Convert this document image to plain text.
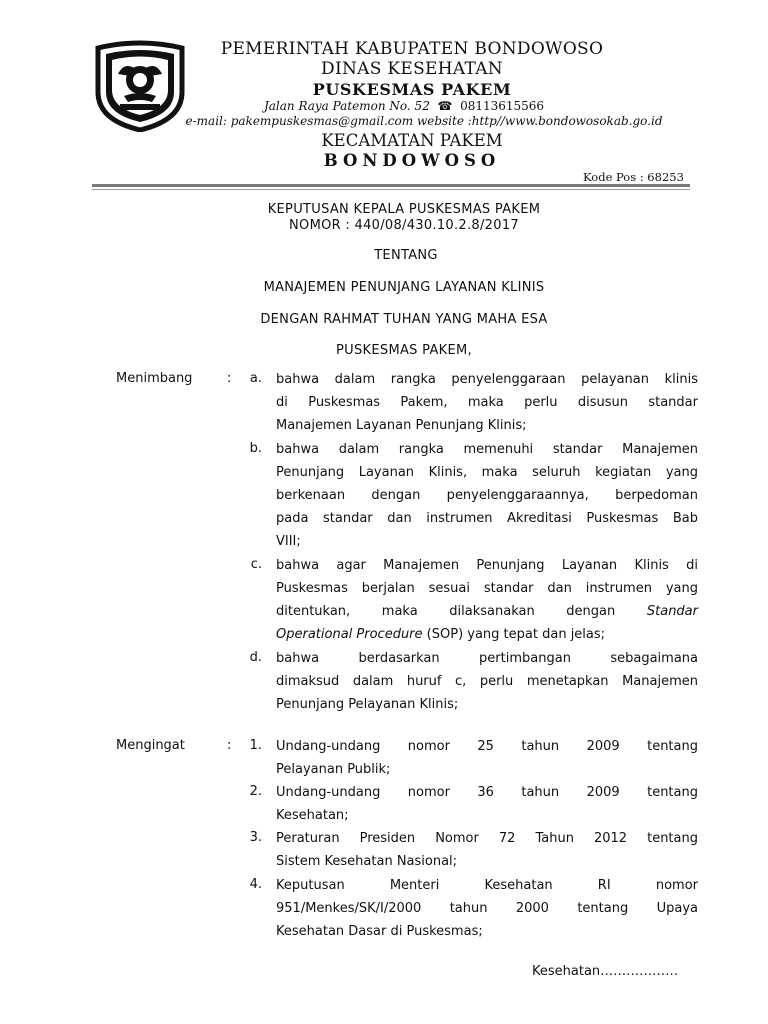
PEMERINTAH KABUPATEN BONDOWOSO
DINAS KESEHATAN
PUSKESMAS PAKEM
Jalan Raya Patemon No. 52 ☎ 08113615566
e-mail: pakempuskesmas@gmail.com website :http//www.bondowosokab.go.id
KECAMATAN PAKEM
BONDOWOSO
Kode Pos : 68253
KEPUTUSAN KEPALA PUSKESMAS PAKEM
NOMOR : 440/08/430.10.2.8/2017
TENTANG
MANAJEMEN PENUNJANG LAYANAN KLINIS
DENGAN RAHMAT TUHAN YANG MAHA ESA
PUSKESMAS PAKEM,
Menimbang	:	a. bahwa dalam rangka penyelenggaraan pelayanan klinis
di Puskesmas Pakem, maka perlu disusun standar
Manajemen Layanan Penunjang Klinis;
b. bahwa dalam rangka memenuhi standar Manajemen
Penunjang Layanan Klinis, maka seluruh kegiatan yang
berkenaan dengan penyelenggaraannya, berpedoman
pada standar dan instrumen Akreditasi Puskesmas Bab
VIII;
c. bahwa agar Manajemen Penunjang Layanan Klinis di
Puskesmas berjalan sesuai standar dan instrumen yang
ditentukan, maka dilaksanakan dengan Standar
Operational Procedure (SOP) yang tepat dan jelas;
d. bahwa berdasarkan pertimbangan sebagaimana
dimaksud dalam huruf c, perlu menetapkan Manajemen
Penunjang Pelayanan Klinis;
Mengingat	:	1. Undang-undang nomor 25 tahun 2009 tentang
Pelayanan Publik;
2. Undang-undang nomor 36 tahun 2009 tentang
Kesehatan;
3. Peraturan Presiden Nomor 72 Tahun 2012 tentang
Sistem Kesehatan Nasional;
4. Keputusan Menteri Kesehatan RI nomor
951/Menkes/SK/I/2000 tahun 2000 tentang Upaya
Kesehatan Dasar di Puskesmas;
Kesehatan………………
